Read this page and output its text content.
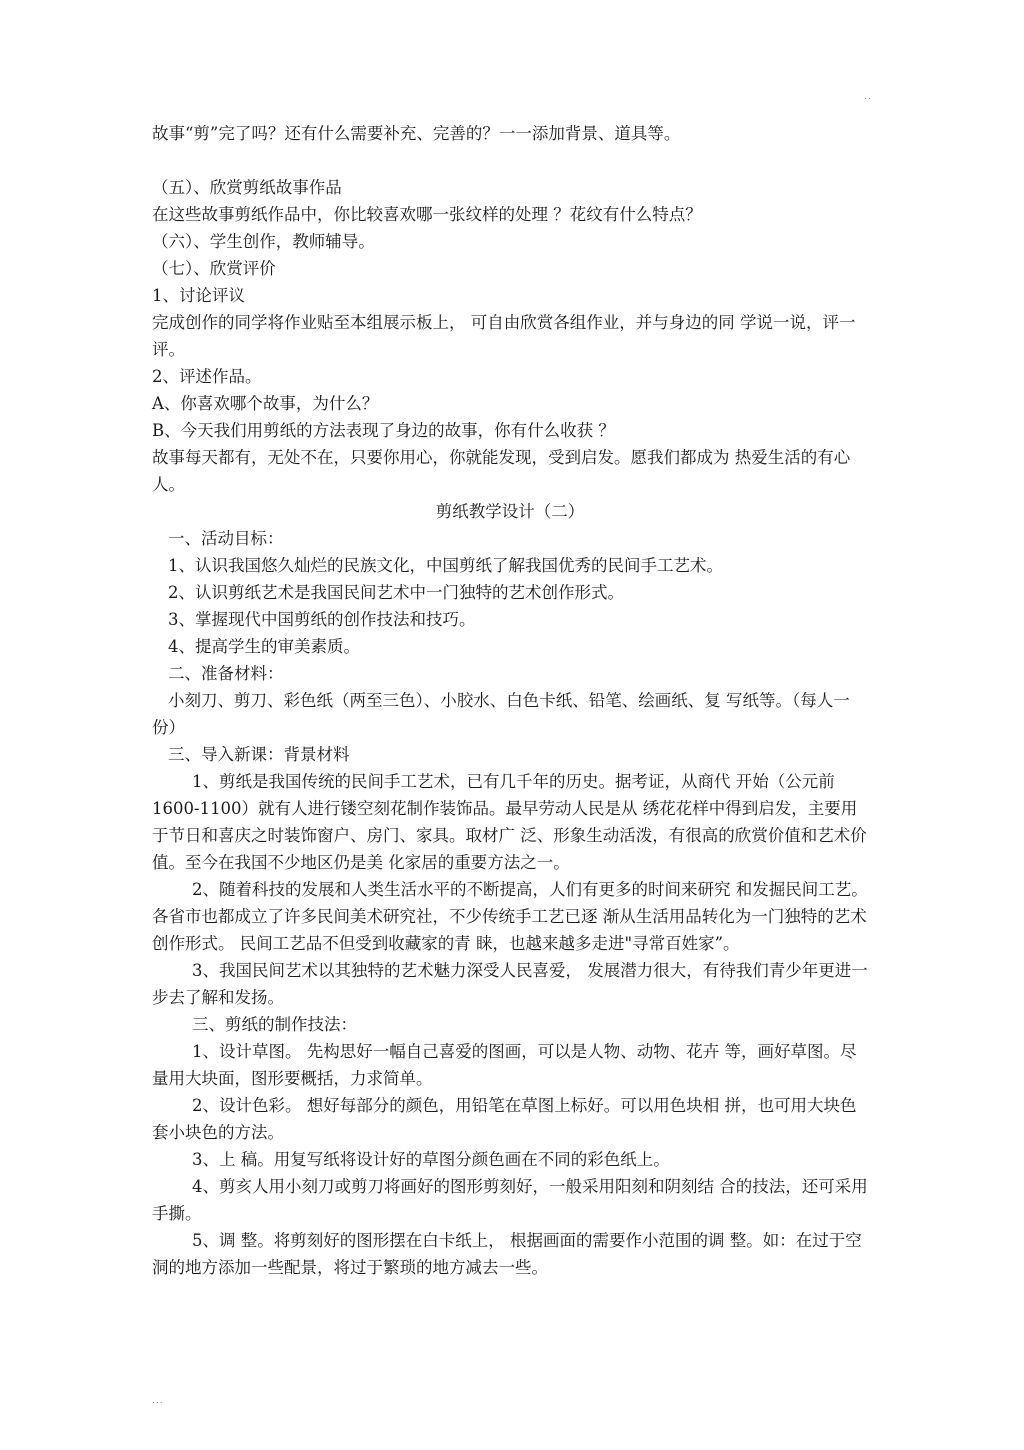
..
故事“剪”完了吗？还有什么需要补充、完善的？一一添加背景、道具等。
（五）、欣赏剪纸故事作品
在这些故事剪纸作品中，你比较喜欢哪一张纹样的处理 ？花纹有什么特点？
（六）、学生创作，教师辅导。
（七）、欣赏评价
1、讨论评议
完成创作的同学将作业贴至本组展示板上， 可自由欣赏各组作业，并与身边的同 学说一说，评一评。
2、评述作品。
A、你喜欢哪个故事，为什么？
B、今天我们用剪纸的方法表现了身边的故事，你有什么收获 ？
故事每天都有，无处不在，只要你用心，你就能发现，受到启发。愿我们都成为 热爱生活的有心人。
剪纸教学设计（二）
一、活动目标：
1、认识我国悠久灿烂的民族文化，中国剪纸了解我国优秀的民间手工艺术。
2、认识剪纸艺术是我国民间艺术中一门独特的艺术创作形式。
3、掌握现代中国剪纸的创作技法和技巧。
4、提高学生的审美素质。
二、准备材料：
小刻刀、剪刀、彩色纸（两至三色）、小胶水、白色卡纸、铅笔、绘画纸、复 写纸等。（每人一份）
三、导入新课：背景材料
1、剪纸是我国传统的民间手工艺术，已有几千年的历史。据考证，从商代 开始（公元前1600-1100）就有人进行镂空刻花制作装饰品。最早劳动人民是从 绣花花样中得到启发，主要用于节日和喜庆之时装饰窗户、房门、家具。取材广 泛、形象生动活泼，有很高的欣赏价值和艺术价值。至今在我国不少地区仍是美 化家居的重要方法之一。
2、随着科技的发展和人类生活水平的不断提高，人们有更多的时间来研究 和发掘民间工艺。各省市也都成立了许多民间美术研究社，不少传统手工艺已逐 渐从生活用品转化为一门独特的艺术创作形式。 民间工艺品不但受到收藏家的青 睐，也越来越多走进"寻常百姓家”。
3、我国民间艺术以其独特的艺术魅力深受人民喜爱， 发展潜力很大，有待我们青少年更进一步去了解和发扬。
三、剪纸的制作技法：
1、设计草图。 先构思好一幅自己喜爱的图画，可以是人物、动物、花卉 等，画好草图。尽量用大块面，图形要概括，力求简单。
2、设计色彩。 想好每部分的颜色，用铅笔在草图上标好。可以用色块相 拼，也可用大块色套小块色的方法。
3、上 稿。用复写纸将设计好的草图分颜色画在不同的彩色纸上。
4、剪亥人用小刻刀或剪刀将画好的图形剪刻好，一般采用阳刻和阴刻结 合的技法，还可采用手撕。
5、调 整。将剪刻好的图形摆在白卡纸上， 根据画面的需要作小范围的调 整。如：在过于空洞的地方添加一些配景，将过于繁琐的地方减去一些。
...
